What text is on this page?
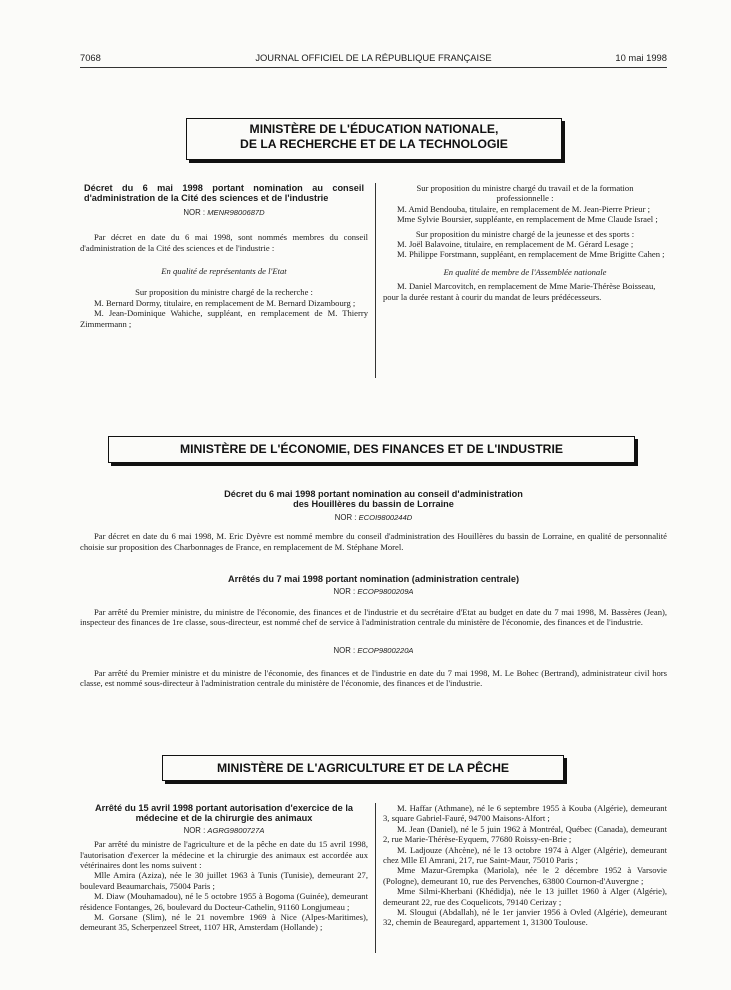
7068	JOURNAL OFFICIEL DE LA RÉPUBLIQUE FRANÇAISE	10 mai 1998
MINISTÈRE DE L'ÉDUCATION NATIONALE,
DE LA RECHERCHE ET DE LA TECHNOLOGIE

Décret du 6 mai 1998 portant nomination au conseil d'administration de la Cité des sciences et de l'industrie

NOR : MENR9800687D

Par décret en date du 6 mai 1998, sont nommés membres du conseil d'administration de la Cité des sciences et de l'industrie :

En qualité de représentants de l'Etat

Sur proposition du ministre chargé de la recherche :

M. Bernard Dormy, titulaire, en remplacement de M. Bernard Dizambourg ;

M. Jean-Dominique Wahiche, suppléant, en remplacement de M. Thierry Zimmermann ;

Sur proposition du ministre chargé du travail et de la formation professionnelle :

M. Amid Bendouba, titulaire, en remplacement de M. Jean-Pierre Prieur ;

Mme Sylvie Boursier, suppléante, en remplacement de Mme Claude Israel ;

Sur proposition du ministre chargé de la jeunesse et des sports :

M. Joël Balavoine, titulaire, en remplacement de M. Gérard Lesage ;

M. Philippe Forstmann, suppléant, en remplacement de Mme Brigitte Cahen ;

En qualité de membre de l'Assemblée nationale

M. Daniel Marcovitch, en remplacement de Mme Marie-Thérèse Boisseau,

pour la durée restant à courir du mandat de leurs prédécesseurs.

MINISTÈRE DE L'ÉCONOMIE, DES FINANCES ET DE L'INDUSTRIE

Décret du 6 mai 1998 portant nomination au conseil d'administration

des Houillères du bassin de Lorraine

NOR : ECOI9800244D

Par décret en date du 6 mai 1998, M. Eric Dyèvre est nommé membre du conseil d'administration des Houillères du bassin de Lorraine, en qualité de personnalité choisie sur proposition des Charbonnages de France, en remplacement de M. Stéphane Morel.

Arrêtés du 7 mai 1998 portant nomination (administration centrale)

NOR : ECOP9800209A

Par arrêté du Premier ministre, du ministre de l'économie, des finances et de l'industrie et du secrétaire d'Etat au budget en date du 7 mai 1998, M. Bassères (Jean), inspecteur des finances de 1re classe, sous-directeur, est nommé chef de service à l'administration centrale du ministère de l'économie, des finances et de l'industrie.

NOR : ECOP9800220A

Par arrêté du Premier ministre et du ministre de l'économie, des finances et de l'industrie en date du 7 mai 1998, M. Le Bohec (Bertrand), administrateur civil hors classe, est nommé sous-directeur à l'administration centrale du ministère de l'économie, des finances et de l'industrie.

MINISTÈRE DE L'AGRICULTURE ET DE LA PÊCHE

Arrêté du 15 avril 1998 portant autorisation d'exercice de la médecine et de la chirurgie des animaux

NOR : AGRG9800727A

Par arrêté du ministre de l'agriculture et de la pêche en date du 15 avril 1998, l'autorisation d'exercer la médecine et la chirurgie des animaux est accordée aux vétérinaires dont les noms suivent :

Mlle Amira (Aziza), née le 30 juillet 1963 à Tunis (Tunisie), demeurant 27, boulevard Beaumarchais, 75004 Paris ;

M. Diaw (Mouhamadou), né le 5 octobre 1955 à Bogoma (Guinée), demeurant résidence Fontanges, 26, boulevard du Docteur-Cathelin, 91160 Longjumeau ;

M. Gorsane (Slim), né le 21 novembre 1969 à Nice (Alpes-Maritimes), demeurant 35, Scherpenzeel Street, 1107 HR, Amsterdam (Hollande) ;

M. Haffar (Athmane), né le 6 septembre 1955 à Kouba (Algérie), demeurant 3, square Gabriel-Fauré, 94700 Maisons-Alfort ;

M. Jean (Daniel), né le 5 juin 1962 à Montréal, Québec (Canada), demeurant 2, rue Marie-Thérèse-Eyquem, 77680 Roissy-en-Brie ;

M. Ladjouze (Ahcène), né le 13 octobre 1974 à Alger (Algérie), demeurant chez Mlle El Amrani, 217, rue Saint-Maur, 75010 Paris ;

Mme Mazur-Grempka (Mariola), née le 2 décembre 1952 à Varsovie (Pologne), demeurant 10, rue des Pervenches, 63800 Cournon-d'Auvergne ;

Mme Silmi-Kherbani (Khédidja), née le 13 juillet 1960 à Alger (Algérie), demeurant 22, rue des Coquelicots, 79140 Cerizay ;

M. Slougui (Abdallah), né le 1er janvier 1956 à Ovled (Algérie), demeurant 32, chemin de Beauregard, appartement 1, 31300 Toulouse.
